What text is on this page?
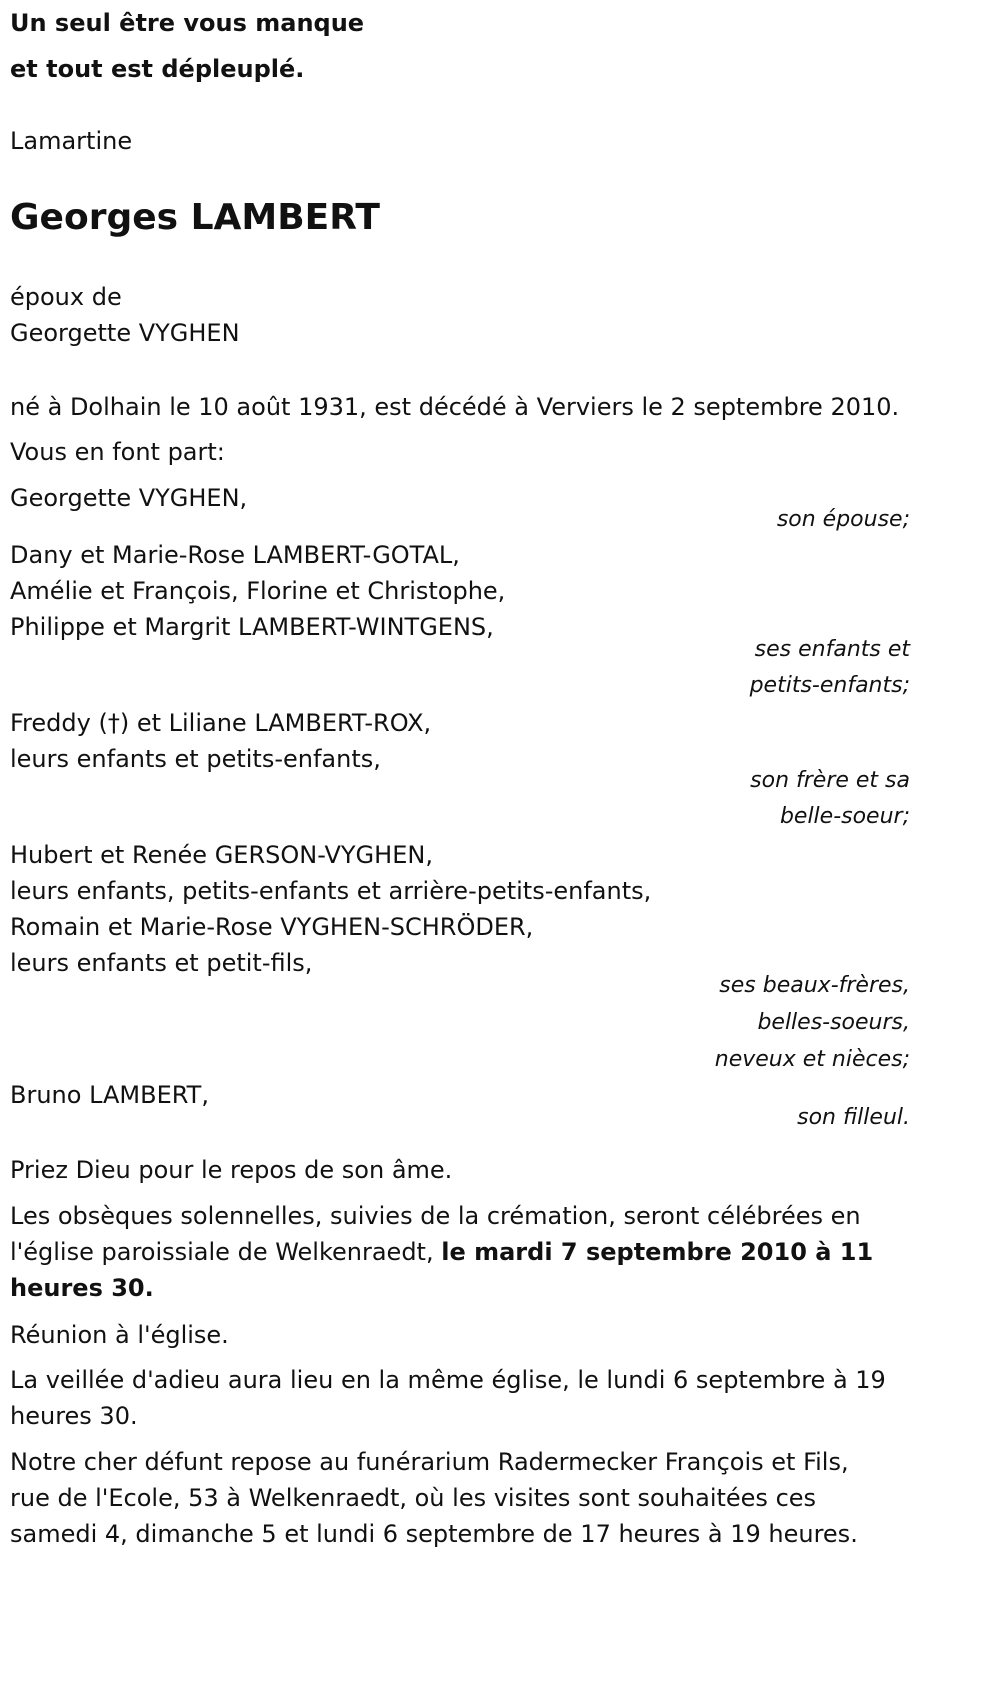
Un seul être vous manque
et tout est dépleuplé.
Lamartine
Georges LAMBERT
époux de
Georgette VYGHEN
né à Dolhain le 10 août 1931, est décédé à Verviers le 2 septembre 2010.
Vous en font part:
Georgette VYGHEN,
son épouse;
Dany et Marie-Rose LAMBERT-GOTAL,
Amélie et François, Florine et Christophe,
Philippe et Margrit LAMBERT-WINTGENS,
ses enfants et
petits-enfants;
Freddy (†) et Liliane LAMBERT-ROX,
leurs enfants et petits-enfants,
son frère et sa
belle-soeur;
Hubert et Renée GERSON-VYGHEN,
leurs enfants, petits-enfants et arrière-petits-enfants,
Romain et Marie-Rose VYGHEN-SCHRÖDER,
leurs enfants et petit-fils,
ses beaux-frères,
belles-soeurs,
neveux et nièces;
Bruno LAMBERT,
son filleul.
Priez Dieu pour le repos de son âme.
Les obsèques solennelles, suivies de la crémation, seront célébrées en
l'église paroissiale de Welkenraedt, le mardi 7 septembre 2010 à 11
heures 30.
Réunion à l'église.
La veillée d'adieu aura lieu en la même église, le lundi 6 septembre à 19
heures 30.
Notre cher défunt repose au funérarium Radermecker François et Fils,
rue de l'Ecole, 53 à Welkenraedt, où les visites sont souhaitées ces
samedi 4, dimanche 5 et lundi 6 septembre de 17 heures à 19 heures.
